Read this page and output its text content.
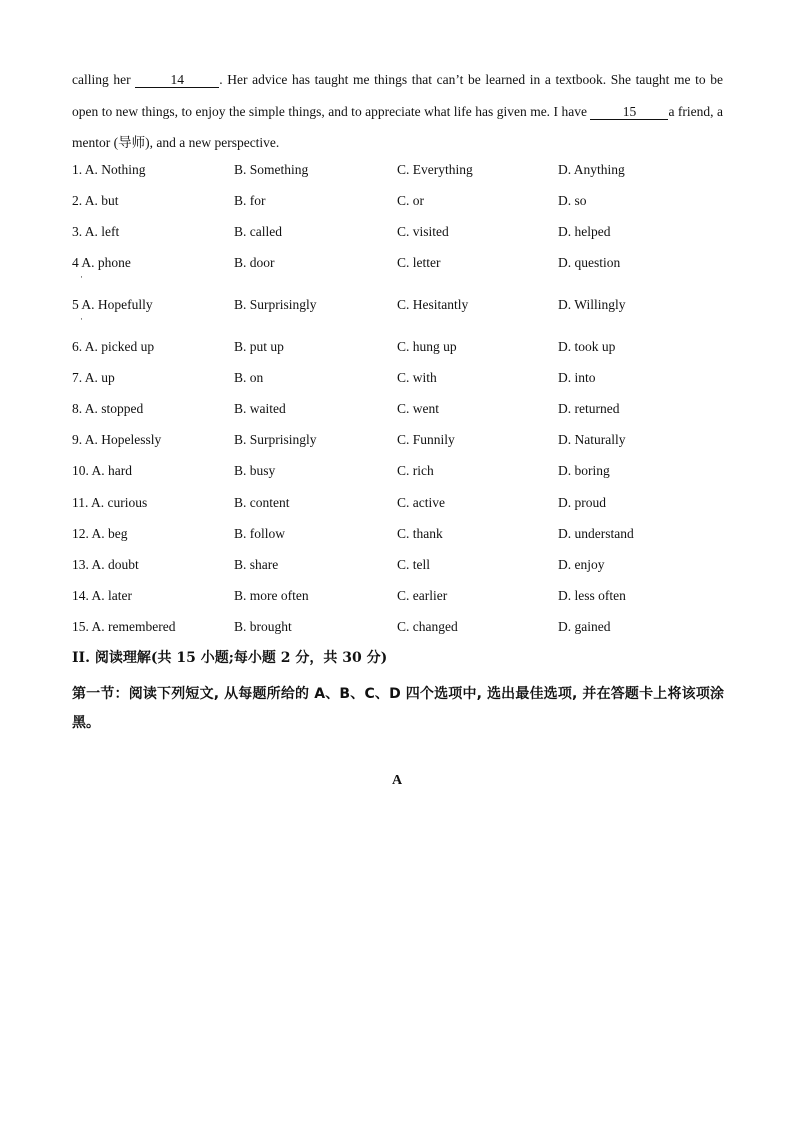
calling her	14	. Her advice has taught me things that can’t be learned in a textbook. She taught me to be open to new things, to enjoy the simple things, and to appreciate what life has given me. I have 15 a friend, a mentor (导师), and a new perspective.
1. A. Nothing	B. Something	C. Everything	D. Anything
2. A. but	B. for	C. or	D. so
3. A. left	B. called	C. visited	D. helped
4 A. phone	B. door	C. letter	D. question
·
5 A. Hopefully	B. Surprisingly	C. Hesitantly	D. Willingly
·
6. A. picked up	B. put up	C. hung up	D. took up
7. A. up	B. on	C. with	D. into
8. A. stopped	B. waited	C. went	D. returned
9. A. Hopelessly	B. Surprisingly	C. Funnily	D. Naturally
10. A. hard	B. busy	C. rich	D. boring
11. A. curious	B. content	C. active	D. proud
12. A. beg	B. follow	C. thank	D. understand
13. A. doubt	B. share	C. tell	D. enjoy
14. A. later	B. more often	C. earlier	D. less often
15. A. remembered	B. brought	C. changed	D. gained
II. 阅读理解(共 15 小题;每小题 2 分，共 30 分)
第一节：阅读下列短文, 从每题所给的 A、B、C、D 四个选项中, 选出最佳选项, 并在答题卡上将该项涂黑。
A
